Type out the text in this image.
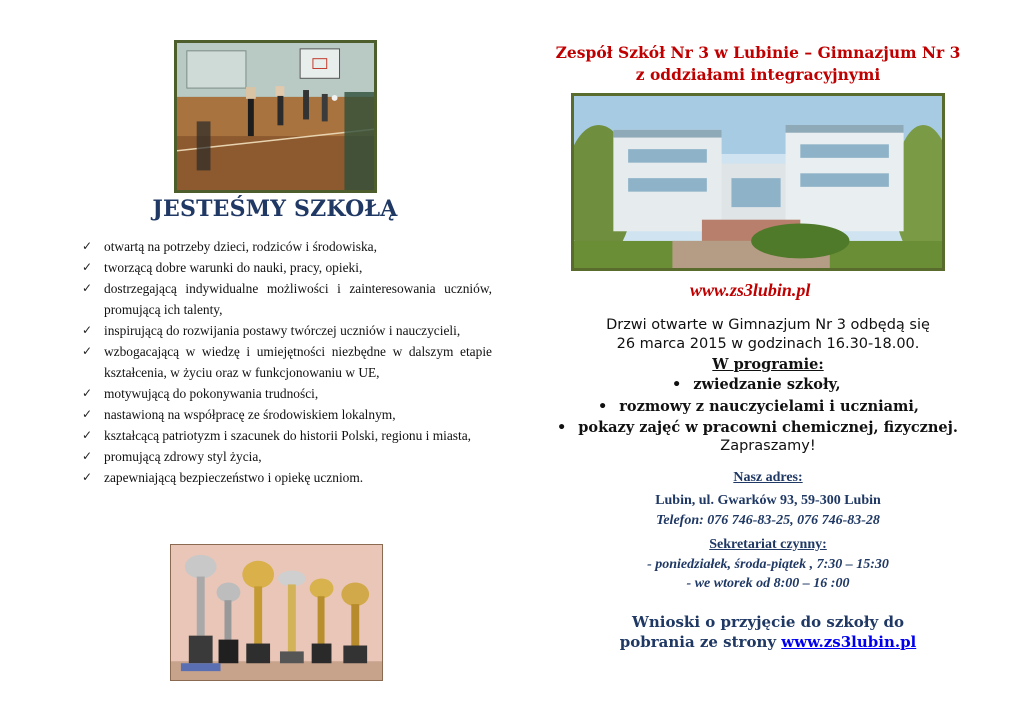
JESTEŚMY SZKOŁĄ
✓ otwartą na potrzeby dzieci, rodziców i środowiska,
✓ tworzącą dobre warunki do nauki, pracy, opieki,
✓ dostrzegającą indywidualne możliwości i zainteresowania uczniów, promującą ich talenty,
✓ inspirującą do rozwijania postawy twórczej uczniów i nauczycieli,
✓ wzbogacającą w wiedzę i umiejętności niezbędne w dalszym etapie kształcenia, w życiu oraz w funkcjonowaniu w UE,
✓ motywującą do pokonywania trudności,
✓ nastawioną na współpracę ze środowiskiem lokalnym,
✓ kształcącą patriotyzm i szacunek do historii Polski, regionu i miasta,
✓ promującą zdrowy styl życia,
✓ zapewniającą bezpieczeństwo i opiekę uczniom.
Zespół Szkół Nr 3 w Lubinie – Gimnazjum Nr 3
z oddziałami integracyjnymi
www.zs3lubin.pl
Drzwi otwarte w Gimnazjum Nr 3 odbędą się
26 marca 2015 w godzinach 16.30-18.00.
W programie:
• zwiedzanie szkoły,
• rozmowy z nauczycielami i uczniami,
• pokazy zajęć w pracowni chemicznej, fizycznej.
Zapraszamy!
Nasz adres:
Lubin, ul. Gwarków 93, 59-300 Lubin
Telefon: 076 746-83-25, 076 746-83-28
Sekretariat czynny:
- poniedziałek, środa-piątek , 7:30 – 15:30
- we wtorek od 8:00 – 16 :00
Wnioski o przyjęcie do szkoły do
pobrania ze strony www.zs3lubin.pl
